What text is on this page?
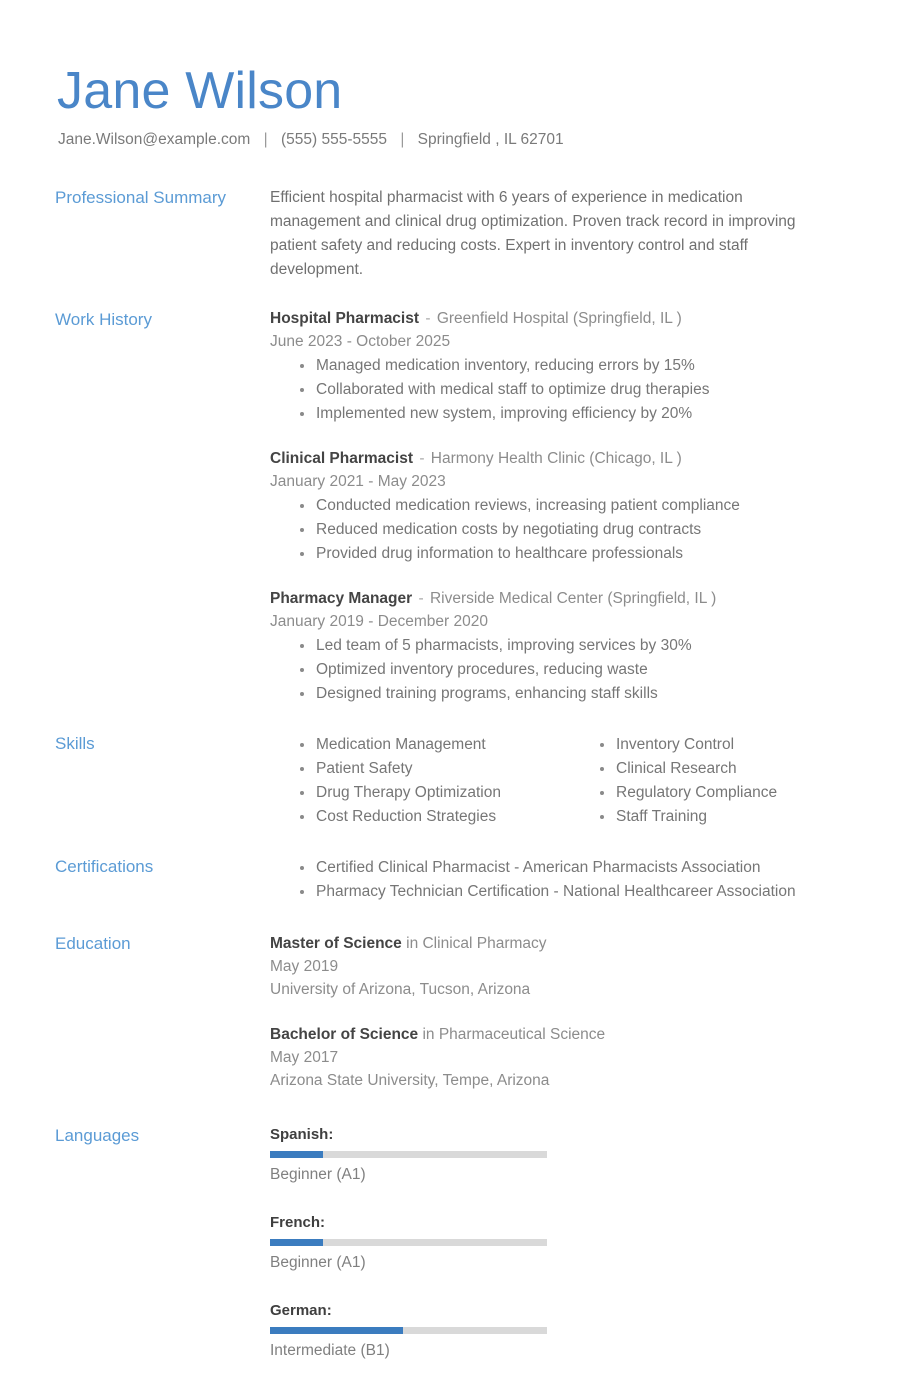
Jane Wilson
Jane.Wilson@example.com | (555) 555-5555 | Springfield , IL 62701
Professional Summary	Efficient hospital pharmacist with 6 years of experience in medication management and clinical drug optimization. Proven track record in improving patient safety and reducing costs. Expert in inventory control and staff development.
Work History	Hospital Pharmacist - Greenfield Hospital (Springfield, IL )
June 2023 - October 2025
Managed medication inventory, reducing errors by 15%
Collaborated with medical staff to optimize drug therapies
Implemented new system, improving efficiency by 20%
Clinical Pharmacist - Harmony Health Clinic (Chicago, IL )
January 2021 - May 2023
Conducted medication reviews, increasing patient compliance
Reduced medication costs by negotiating drug contracts
Provided drug information to healthcare professionals
Pharmacy Manager - Riverside Medical Center (Springfield, IL )
January 2019 - December 2020
Led team of 5 pharmacists, improving services by 30%
Optimized inventory procedures, reducing waste
Designed training programs, enhancing staff skills
Skills	Medication Management
Patient Safety
Drug Therapy Optimization
Cost Reduction Strategies
Inventory Control
Clinical Research
Regulatory Compliance
Staff Training
Certifications	Certified Clinical Pharmacist - American Pharmacists Association
Pharmacy Technician Certification - National Healthcareer Association
Education	Master of Science in Clinical Pharmacy
May 2019
University of Arizona, Tucson, Arizona
Bachelor of Science in Pharmaceutical Science
May 2017
Arizona State University, Tempe, Arizona
Languages	Spanish:
Beginner (A1)
French:
Beginner (A1)
German:
Intermediate (B1)
